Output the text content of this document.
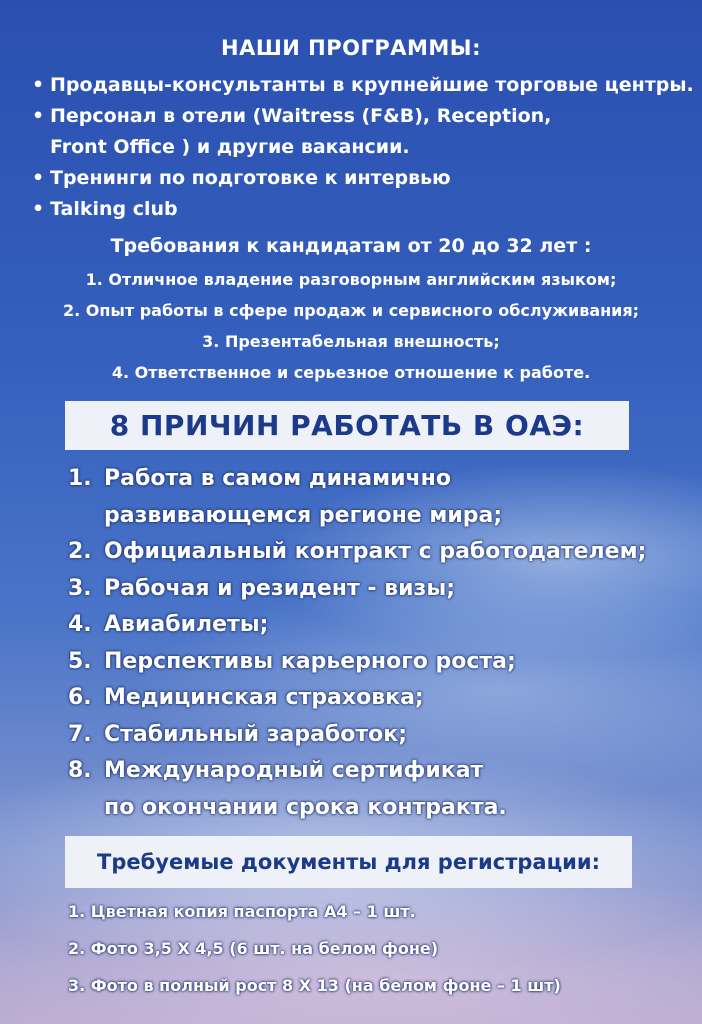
НАШИ ПРОГРАММЫ:
• Продавцы-консультанты в крупнейшие торговые центры.
• Персонал в отели (Waitress (F&B), Reception,
Front Office ) и другие вакансии.
• Тренинги по подготовке к интервью
• Talking club
Требования к кандидатам от 20 до 32 лет :
1. Отличное владение разговорным английским языком;
2. Опыт работы в сфере продаж и сервисного обслуживания;
3. Презентабельная внешность;
4. Ответственное и серьезное отношение к работе.
8 ПРИЧИН РАБОТАТЬ В ОАЭ:
1. Работа в самом динамично
развивающемся регионе мира;
2. Официальный контракт с работодателем;
3. Рабочая и резидент - визы;
4. Авиабилеты;
5. Перспективы карьерного роста;
6. Медицинская страховка;
7. Стабильный заработок;
8. Международный сертификат
по окончании срока контракта.
Требуемые документы для регистрации:
1. Цветная копия паспорта А4 – 1 шт.
2. Фото 3,5 Х 4,5 (6 шт. на белом фоне)
3. Фото в полный рост 8 Х 13 (на белом фоне – 1 шт)
